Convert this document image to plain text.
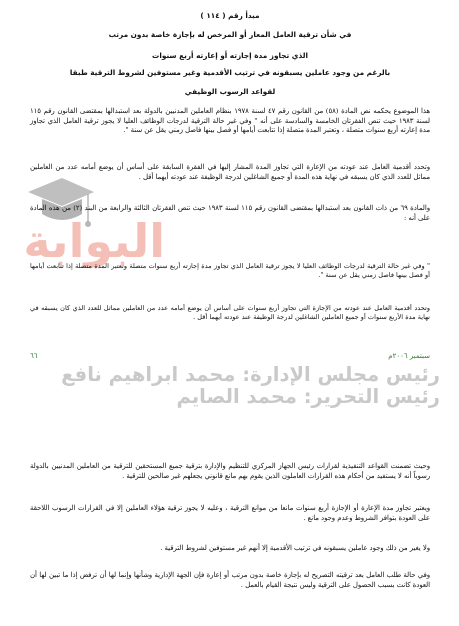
مبدأ رقم ( ١١٤ )
في شأن ترقية العامل المعار أو المرخص له بإجازة خاصة بدون مرتب
الذي تجاوز مدة إجازته أو إعارته أربع سنوات
بالرغم من وجود عاملين يسبقونه في ترتيب الأقدمية وغير مستوفين لشروط الترقية طبقا
لقواعد الرسوب الوظيفي
البوابة
هذا الموضوع يحكمه نص المادة (٥٨) من القانون رقم ٤٧ لسنة ١٩٧٨ بنظام العاملين المدنيين بالدولة بعد استبدالها بمقتضى القانون رقم ١١٥ لسنة ١٩٨٣ حيث تنص الفقرتان الخامسة والسادسة على أنه " وفي غير حالة الترقية لدرجات الوظائف العليا لا يجوز ترقية العامل الذي تجاوز مدة إعارته أربع سنوات متصلة ، وتعتبر المدة متصلة إذا تتابعت أيامها أو فصل بينها فاصل زمني يقل عن سنة ".
وتحدد أقدمية العامل عند عودته من الإعارة التي تجاوز المدة المشار إليها في الفقرة السابقة على أساس أن يوضع أمامه عدد من العاملين مماثل للعدد الذي كان يسبقه في نهاية هذه المدة أو جميع الشاغلين لدرجة الوظيفة عند عودته أيهما أقل .
والمادة ٦٩ من ذات القانون بعد استبدالها بمقتضى القانون رقم ١١٥ لسنة ١٩٨٣ حيث تنص الفقرتان الثالثة والرابعة من البند (٢) من هذه المادة على أنه :
" وفي غير حالة الترقية لدرجات الوظائف العليا لا يجوز ترقية العامل الذي تجاوز مدة إجازته أربع سنوات متصلة وتعتبر المدة متصلة إذا تتابعت أيامها أو فصل بينها فاصل زمني يقل عن سنة ".
وتحدد أقدمية العامل عند عودته من الإجازة التي تجاوز أربع سنوات على أساس أن يوضع أمامه عدد من العاملين مماثل للعدد الذي كان يسبقه في نهاية مدة الأربع سنوات أو جميع العاملين الشاغلين لدرجة الوظيفة عند عودته أيهما أقل .
سبتمبر ٢٠٠٦م
٦٦
رئيس مجلس الإدارة: محمد ابراهيم نافع
رئيس التحرير: محمد الصايم
وحيث تضمنت القواعد التنفيذية لقرارات رئيس الجهاز المركزي للتنظيم والإدارة بترقية جميع المستحقين للترقية من العاملين المدنيين بالدولة رسوباً أنه لا يستفيد من أحكام هذه القرارات العاملون الذين يقوم بهم مانع قانوني يجعلهم غير صالحين للترقية .
ويعتبر تجاوز مدة الإعارة أو الإجازة أربع سنوات مانعا من موانع الترقية ، وعليه لا يجوز ترقية هؤلاء العاملين إلا في القرارات الرسوب اللاحقة على العودة بتوافر الشروط وعدم وجود مانع .
ولا يغير من ذلك وجود عاملين يسبقونه في ترتيب الأقدمية إلا أنهم غير مستوفين لشروط الترقية .
وفي حالة طلب العامل بعد ترقيته التصريح له بإجازة خاصة بدون مرتب أو إعارة فإن الجهة الإدارية وشأنها وإنما لها أن ترفض إذا ما تبين لها أن العودة كانت بسبب الحصول على الترقية وليس نتيجة القيام بالعمل .
